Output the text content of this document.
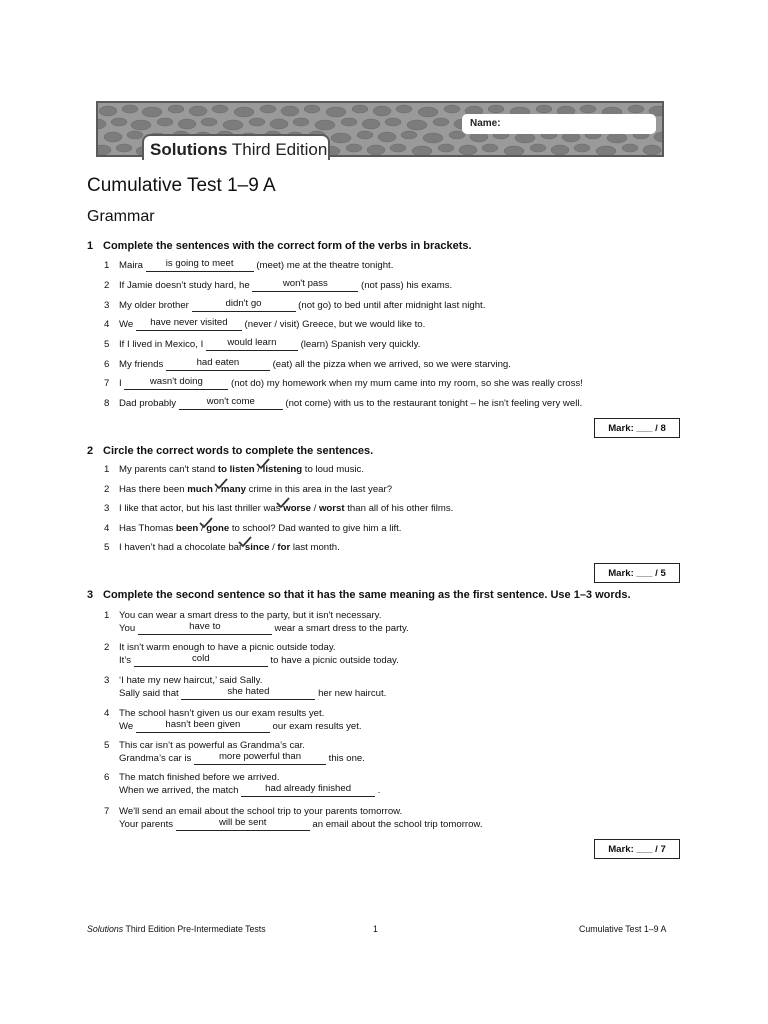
Name:
Solutions Third Edition
Cumulative Test 1–9 A
Grammar
1 Complete the sentences with the correct form of the verbs in brackets.
1 Maira is going to meet (meet) me at the theatre tonight.
2 If Jamie doesn’t study hard, he	won't pass	(not pass) his exams.
3 My older brother	didn't go	(not go) to bed until after midnight last night.
4 We have never visited (never / visit) Greece, but we would like to.
5 If I lived in Mexico, I would learn (learn) Spanish very quickly.
6 My friends	had eaten	(eat) all the pizza when we arrived, so we were starving.
7 I	wasn't doing	(not do) my homework when my mum came into my room, so she was really cross!
8 Dad probably	won't come	(not come) with us to the restaurant tonight – he isn't feeling very well.
Mark: ___ / 8
2 Circle the correct words to complete the sentences.
1 My parents can't stand to listen /
listening to loud music.
2 Has there been much /
many crime in this area in the last year?
3 I like that actor, but his last thriller was
worse / worst than all of his other films.
4 Has Thomas been /
gone to school? Dad wanted to give him a lift.
5 I haven’t had a chocolate bar
since / for last month.
Mark: ___ / 5
3 Complete the second sentence so that it has the same meaning as the first sentence. Use 1–3 words.
1 You can wear a smart dress to the party, but it isn't necessary.
You	have to	wear a smart dress to the party.
2 It isn't warm enough to have a picnic outside today.
It’s	cold	to have a picnic outside today.
3 ‘I hate my new haircut,’ said Sally.
Sally said that	she hated	her new haircut.
4 The school hasn’t given us our exam results yet.
We	hasn't been given	our exam results yet.
5 This car isn’t as powerful as Grandma’s car.
Grandma’s car is	more powerful than	this one.
6 The match finished before we arrived.
When we arrived, the match	had already finished	.
7 We'll send an email about the school trip to your parents tomorrow.
Your parents	will be sent	an email about the school trip tomorrow.
Mark: ___ / 7
Solutions Third Edition Pre-Intermediate Tests	1	Cumulative Test 1–9 A
